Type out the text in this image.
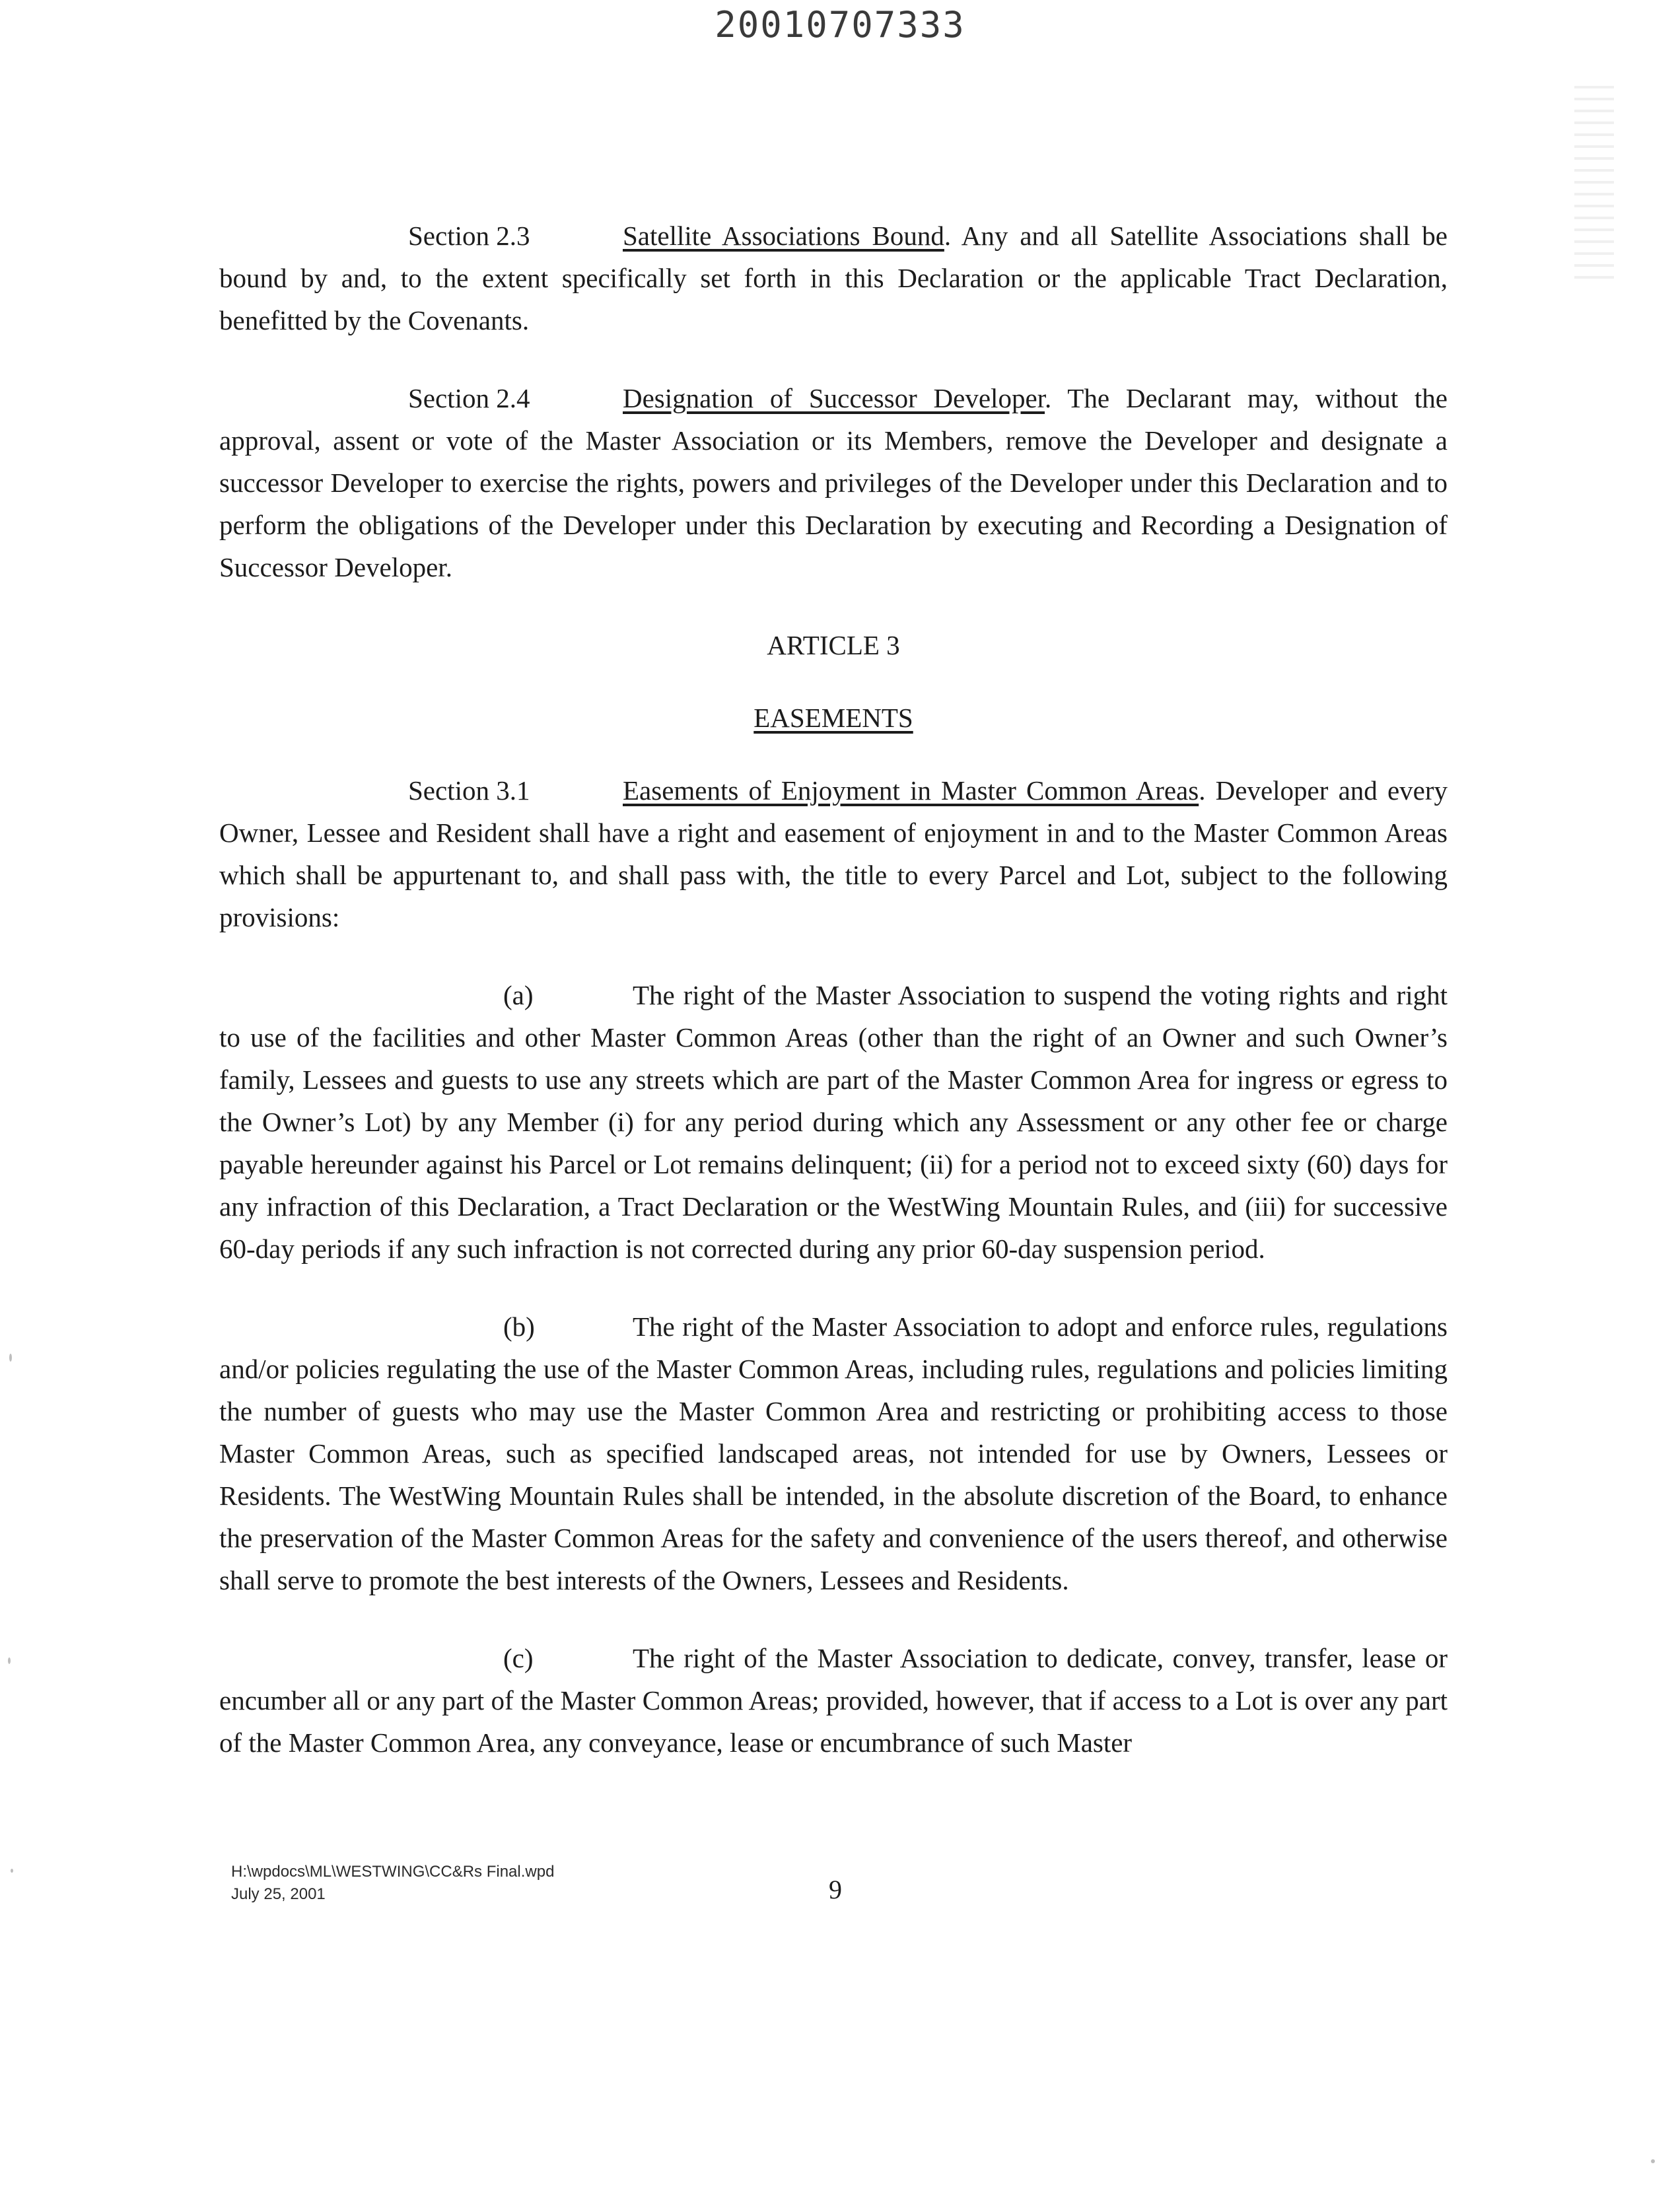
20010707333

Section 2.3	Satellite Associations Bound. Any and all Satellite Associations shall be bound by and, to the extent specifically set forth in this Declaration or the applicable Tract Declaration, benefitted by the Covenants.

Section 2.4	Designation of Successor Developer. The Declarant may, without the approval, assent or vote of the Master Association or its Members, remove the Developer and designate a successor Developer to exercise the rights, powers and privileges of the Developer under this Declaration and to perform the obligations of the Developer under this Declaration by executing and Recording a Designation of Successor Developer.

ARTICLE 3

EASEMENTS

Section 3.1	Easements of Enjoyment in Master Common Areas. Developer and every Owner, Lessee and Resident shall have a right and easement of enjoyment in and to the Master Common Areas which shall be appurtenant to, and shall pass with, the title to every Parcel and Lot, subject to the following provisions:

(a)	The right of the Master Association to suspend the voting rights and right to use of the facilities and other Master Common Areas (other than the right of an Owner and such Owner’s family, Lessees and guests to use any streets which are part of the Master Common Area for ingress or egress to the Owner’s Lot) by any Member (i) for any period during which any Assessment or any other fee or charge payable hereunder against his Parcel or Lot remains delinquent; (ii) for a period not to exceed sixty (60) days for any infraction of this Declaration, a Tract Declaration or the WestWing Mountain Rules, and (iii) for successive 60-day periods if any such infraction is not corrected during any prior 60-day suspension period.

(b)	The right of the Master Association to adopt and enforce rules, regulations and/or policies regulating the use of the Master Common Areas, including rules, regulations and policies limiting the number of guests who may use the Master Common Area and restricting or prohibiting access to those Master Common Areas, such as specified landscaped areas, not intended for use by Owners, Lessees or Residents. The WestWing Mountain Rules shall be intended, in the absolute discretion of the Board, to enhance the preservation of the Master Common Areas for the safety and convenience of the users thereof, and otherwise shall serve to promote the best interests of the Owners, Lessees and Residents.

(c)	The right of the Master Association to dedicate, convey, transfer, lease or encumber all or any part of the Master Common Areas; provided, however, that if access to a Lot is over any part of the Master Common Area, any conveyance, lease or encumbrance of such Master

H:\wpdocs\ML\WESTWING\CC&Rs Final.wpd
July 25, 2001	9
